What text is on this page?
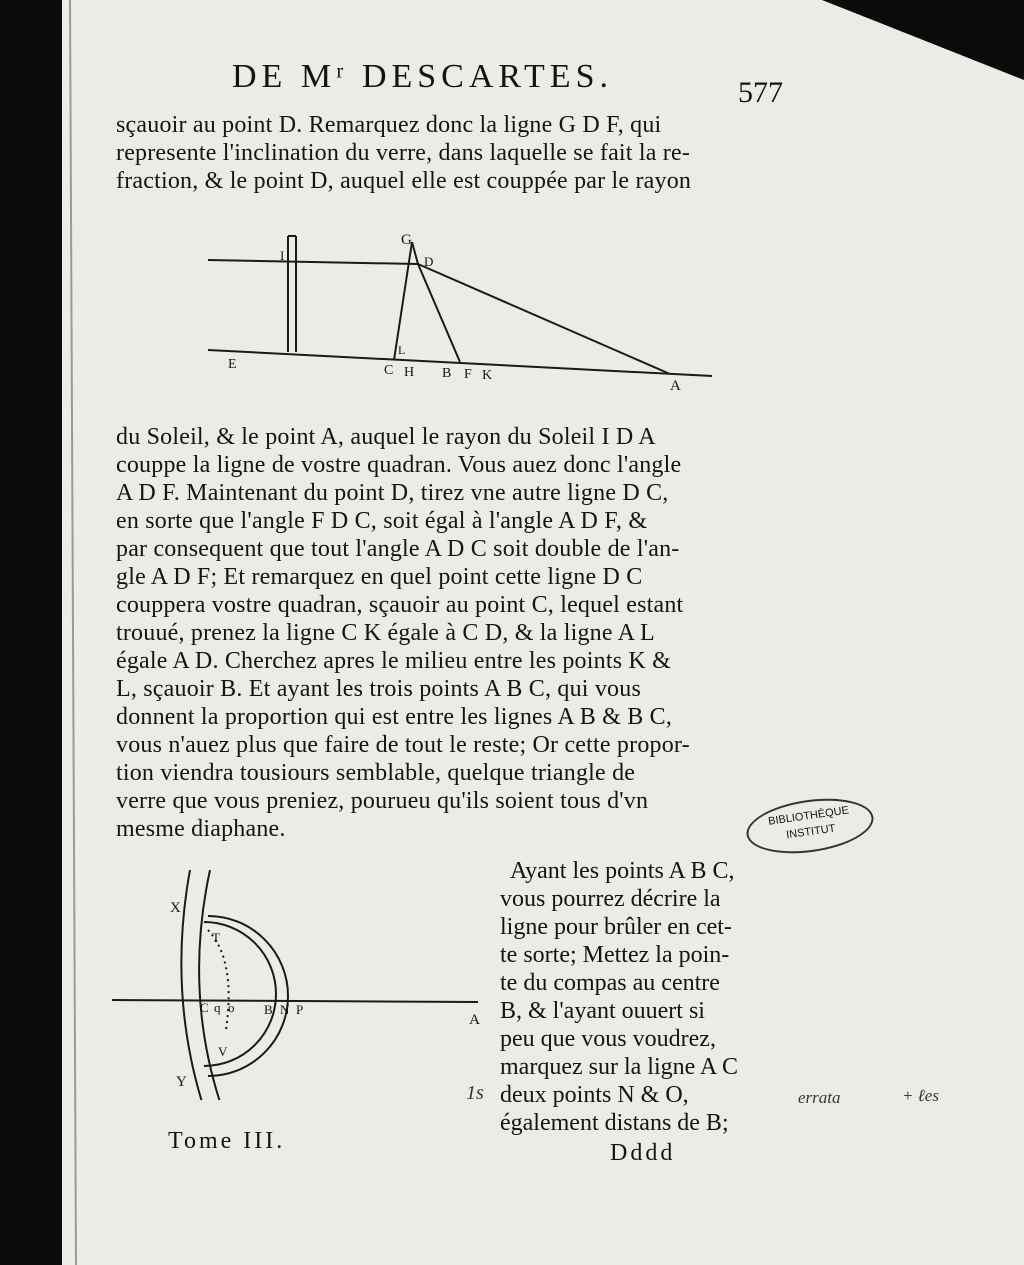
DE Mʳ DESCARTES.	577
sçauoir au point D. Remarquez donc la ligne G D F, qui
represente l'inclination du verre, dans laquelle se fait la re-
fraction, & le point D, auquel elle est couppée par le rayon
I
G
D
E
L
C H B F K
A
du Soleil, & le point A, auquel le rayon du Soleil I D A
couppe la ligne de vostre quadran. Vous auez donc l'angle
A D F. Maintenant du point D, tirez vne autre ligne D C,
en sorte que l'angle F D C, soit égal à l'angle A D F, &
par consequent que tout l'angle A D C soit double de l'an-
gle A D F; Et remarquez en quel point cette ligne D C
couppera vostre quadran, sçauoir au point C, lequel estant
trouué, prenez la ligne C K égale à C D, & la ligne A L
égale A D. Cherchez apres le milieu entre les points K &
L, sçauoir B. Et ayant les trois points A B C, qui vous
donnent la proportion qui est entre les lignes A B & B C,
vous n'auez plus que faire de tout le reste; Or cette propor-
tion viendra tousiours semblable, quelque triangle de
verre que vous preniez, pourueu qu'ils soient tous d'vn
mesme diaphane.	BIBLIOTHÈQUE
INSTITUT
X
T
C q o B N P
A
V
Y
Ayant les points A B C,
vous pourrez décrire la
ligne pour brûler en cet-
te sorte; Mettez la poin-
te du compas au centre
B, & l'ayant ouuert si
peu que vous voudrez,
marquez sur la ligne A C
deux points N & O,
également distans de B;
1s	errata	+ ℓes
Tome III.	Dddd
